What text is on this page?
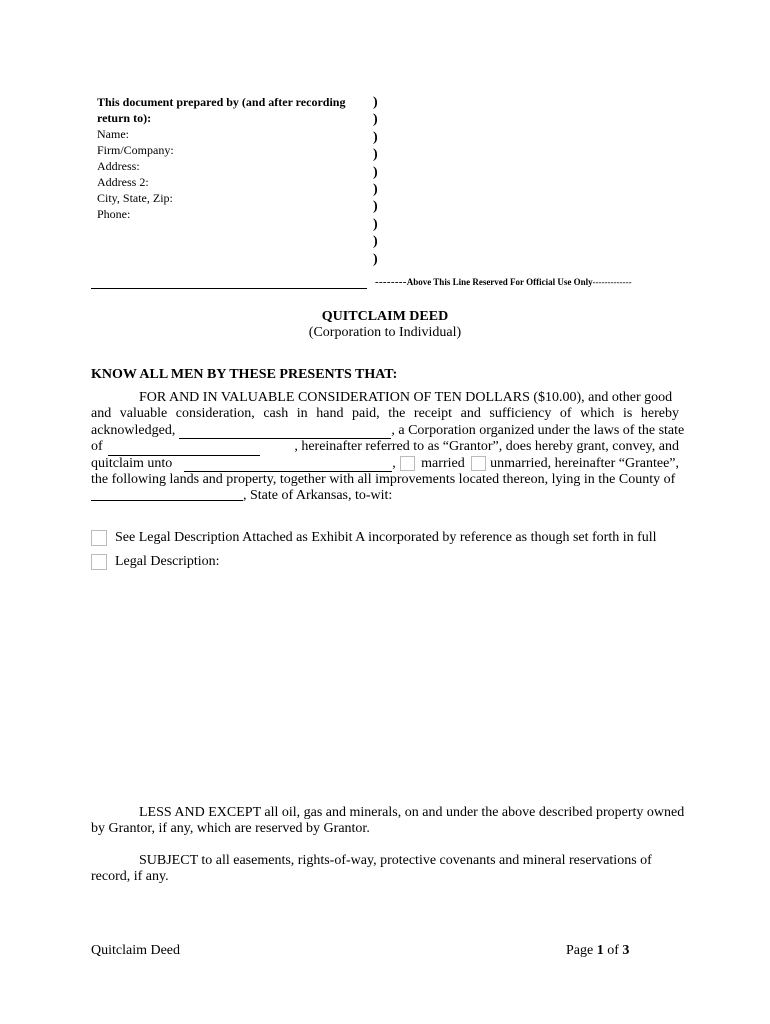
This document prepared by (and after recording
return to):
Name:
Firm/Company:
Address:
Address 2:
City, State, Zip:
Phone:
)
)
)
)
)
)
)
)
)
)
--------Above This Line Reserved For Official Use Only-------------
QUITCLAIM DEED
(Corporation to Individual)
KNOW ALL MEN BY THESE PRESENTS THAT:
FOR AND IN VALUABLE CONSIDERATION OF TEN DOLLARS ($10.00), and other good
and valuable consideration, cash in hand paid, the receipt and sufficiency of which is hereby
acknowledged,	, a Corporation organized under the laws of the state
of	, hereinafter referred to as “Grantor”, does hereby grant, convey, and
quitclaim unto	, married unmarried, hereinafter “Grantee”,
the following lands and property, together with all improvements located thereon, lying in the County of
, State of Arkansas, to-wit:
See Legal Description Attached as Exhibit A incorporated by reference as though set forth in full
Legal Description:
LESS AND EXCEPT all oil, gas and minerals, on and under the above described property owned
by Grantor, if any, which are reserved by Grantor.
SUBJECT to all easements, rights-of-way, protective covenants and mineral reservations of
record, if any.
Quitclaim Deed	Page 1 of 3
